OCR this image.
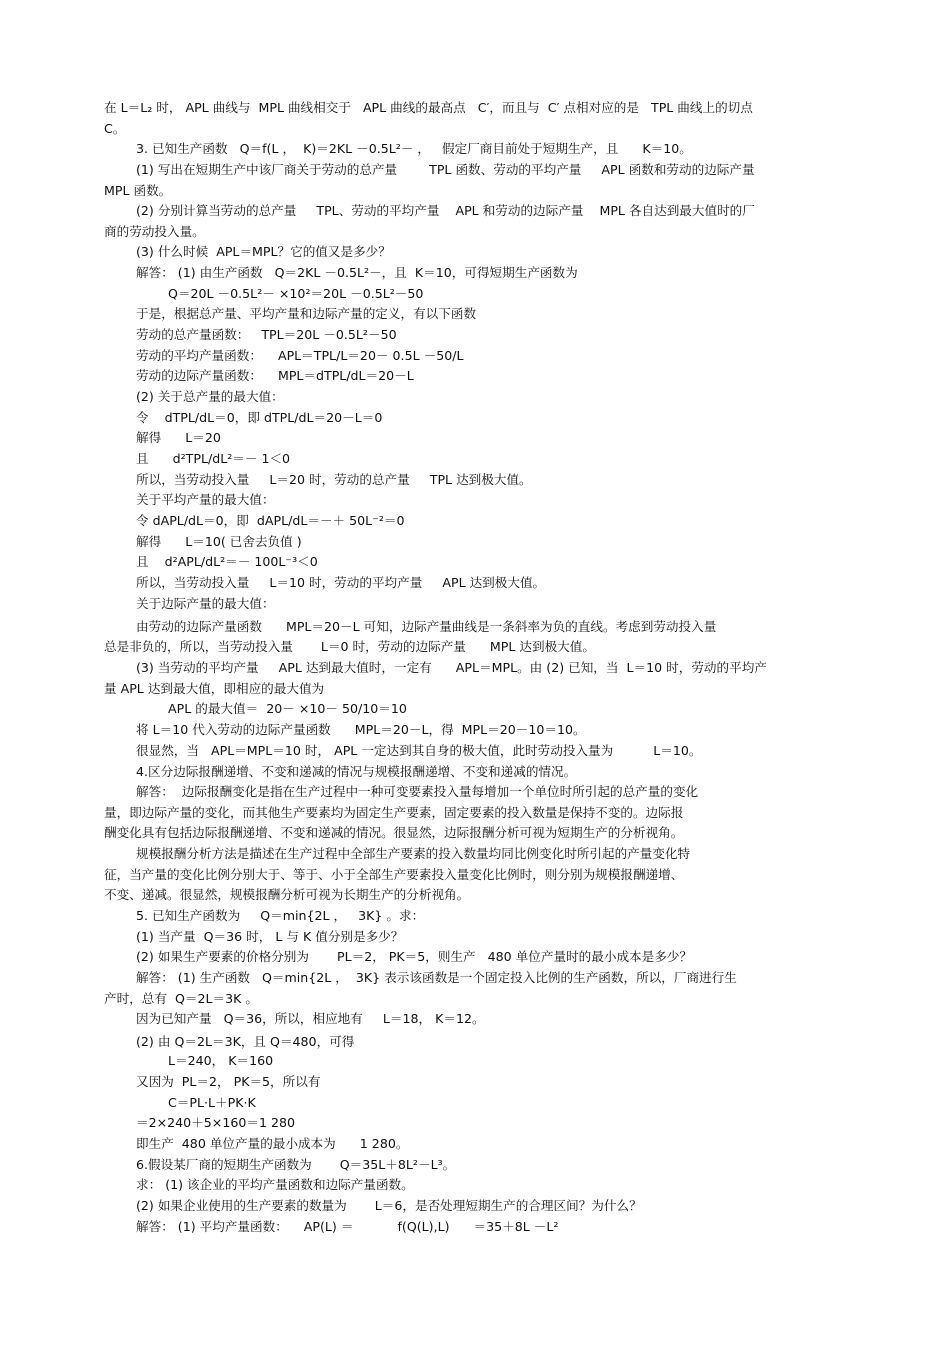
在 L＝L₂ 时， APL 曲线与  MPL 曲线相交于   APL 曲线的最高点   C′，而且与  C′ 点相对应的是   TPL 曲线上的切点
C。
3. 已知生产函数   Q＝f(L ，  K)＝2KL －0.5L²－ ，   假定厂商目前处于短期生产，且      K＝10。
(1) 写出在短期生产中该厂商关于劳动的总产量        TPL 函数、劳动的平均产量     APL 函数和劳动的边际产量
MPL 函数。
(2) 分别计算当劳动的总产量     TPL、劳动的平均产量    APL 和劳动的边际产量    MPL 各自达到最大值时的厂
商的劳动投入量。
(3) 什么时候  APL＝MPL？它的值又是多少？
解答： (1) 由生产函数   Q＝2KL －0.5L²－，且  K＝10，可得短期生产函数为
Q＝20L －0.5L²－ ×10²＝20L －0.5L²－50
于是，根据总产量、平均产量和边际产量的定义，有以下函数
劳动的总产量函数：   TPL＝20L －0.5L²－50
劳动的平均产量函数：    APL＝TPL/L＝20－ 0.5L －50/L
劳动的边际产量函数：    MPL＝dTPL/dL＝20－L
(2) 关于总产量的最大值：
令    dTPL/dL＝0，即 dTPL/dL＝20－L＝0
解得      L＝20
且      d²TPL/dL²＝－ 1＜0
所以，当劳动投入量     L＝20 时，劳动的总产量     TPL 达到极大值。
关于平均产量的最大值：
令 dAPL/dL＝0，即  dAPL/dL＝－＋ 50L⁻²＝0
解得      L＝10( 已舍去负值 )
且    d²APL/dL²＝－ 100L⁻³＜0
所以，当劳动投入量     L＝10 时，劳动的平均产量     APL 达到极大值。
关于边际产量的最大值：
由劳动的边际产量函数      MPL＝20－L 可知，边际产量曲线是一条斜率为负的直线。考虑到劳动投入量
总是非负的，所以，当劳动投入量       L＝0 时，劳动的边际产量      MPL 达到极大值。
(3) 当劳动的平均产量     APL 达到最大值时，一定有      APL＝MPL。由 (2) 已知，当  L＝10 时，劳动的平均产
量 APL 达到最大值，即相应的最大值为
APL 的最大值＝  20－ ×10－ 50/10＝10
将 L＝10 代入劳动的边际产量函数      MPL＝20－L，得  MPL＝20－10＝10。
很显然，当   APL＝MPL＝10 时， APL 一定达到其自身的极大值，此时劳动投入量为          L＝10。
4.区分边际报酬递增、不变和递减的情况与规模报酬递增、不变和递减的情况。
解答：  边际报酬变化是指在生产过程中一种可变要素投入量每增加一个单位时所引起的总产量的变化
量，即边际产量的变化，而其他生产要素均为固定生产要素，固定要素的投入数量是保持不变的。边际报
酬变化具有包括边际报酬递增、不变和递减的情况。很显然，边际报酬分析可视为短期生产的分析视角。
规模报酬分析方法是描述在生产过程中全部生产要素的投入数量均同比例变化时所引起的产量变化特
征，当产量的变化比例分别大于、等于、小于全部生产要素投入量变化比例时，则分别为规模报酬递增、
不变、递减。很显然，规模报酬分析可视为长期生产的分析视角。
5. 已知生产函数为     Q＝min{2L ，   3K} 。求：
(1) 当产量  Q＝36 时， L 与 K 值分别是多少？
(2) 如果生产要素的价格分别为       PL＝2， PK＝5，则生产   480 单位产量时的最小成本是多少？
解答： (1) 生产函数   Q＝min{2L ，  3K} 表示该函数是一个固定投入比例的生产函数，所以，厂商进行生
产时，总有  Q＝2L＝3K 。
因为已知产量   Q＝36，所以，相应地有     L＝18， K＝12。
(2) 由 Q＝2L＝3K，且 Q＝480，可得
L＝240， K＝160
又因为  PL＝2， PK＝5，所以有
C＝PL·L＋PK·K
＝2×240＋5×160＝1 280
即生产  480 单位产量的最小成本为      1 280。
6.假设某厂商的短期生产函数为       Q＝35L＋8L²－L³。
求： (1) 该企业的平均产量函数和边际产量函数。
(2) 如果企业使用的生产要素的数量为       L＝6，是否处理短期生产的合理区间？为什么？
解答： (1) 平均产量函数：    AP(L) ＝           f(Q(L),L)      ＝35＋8L －L²
